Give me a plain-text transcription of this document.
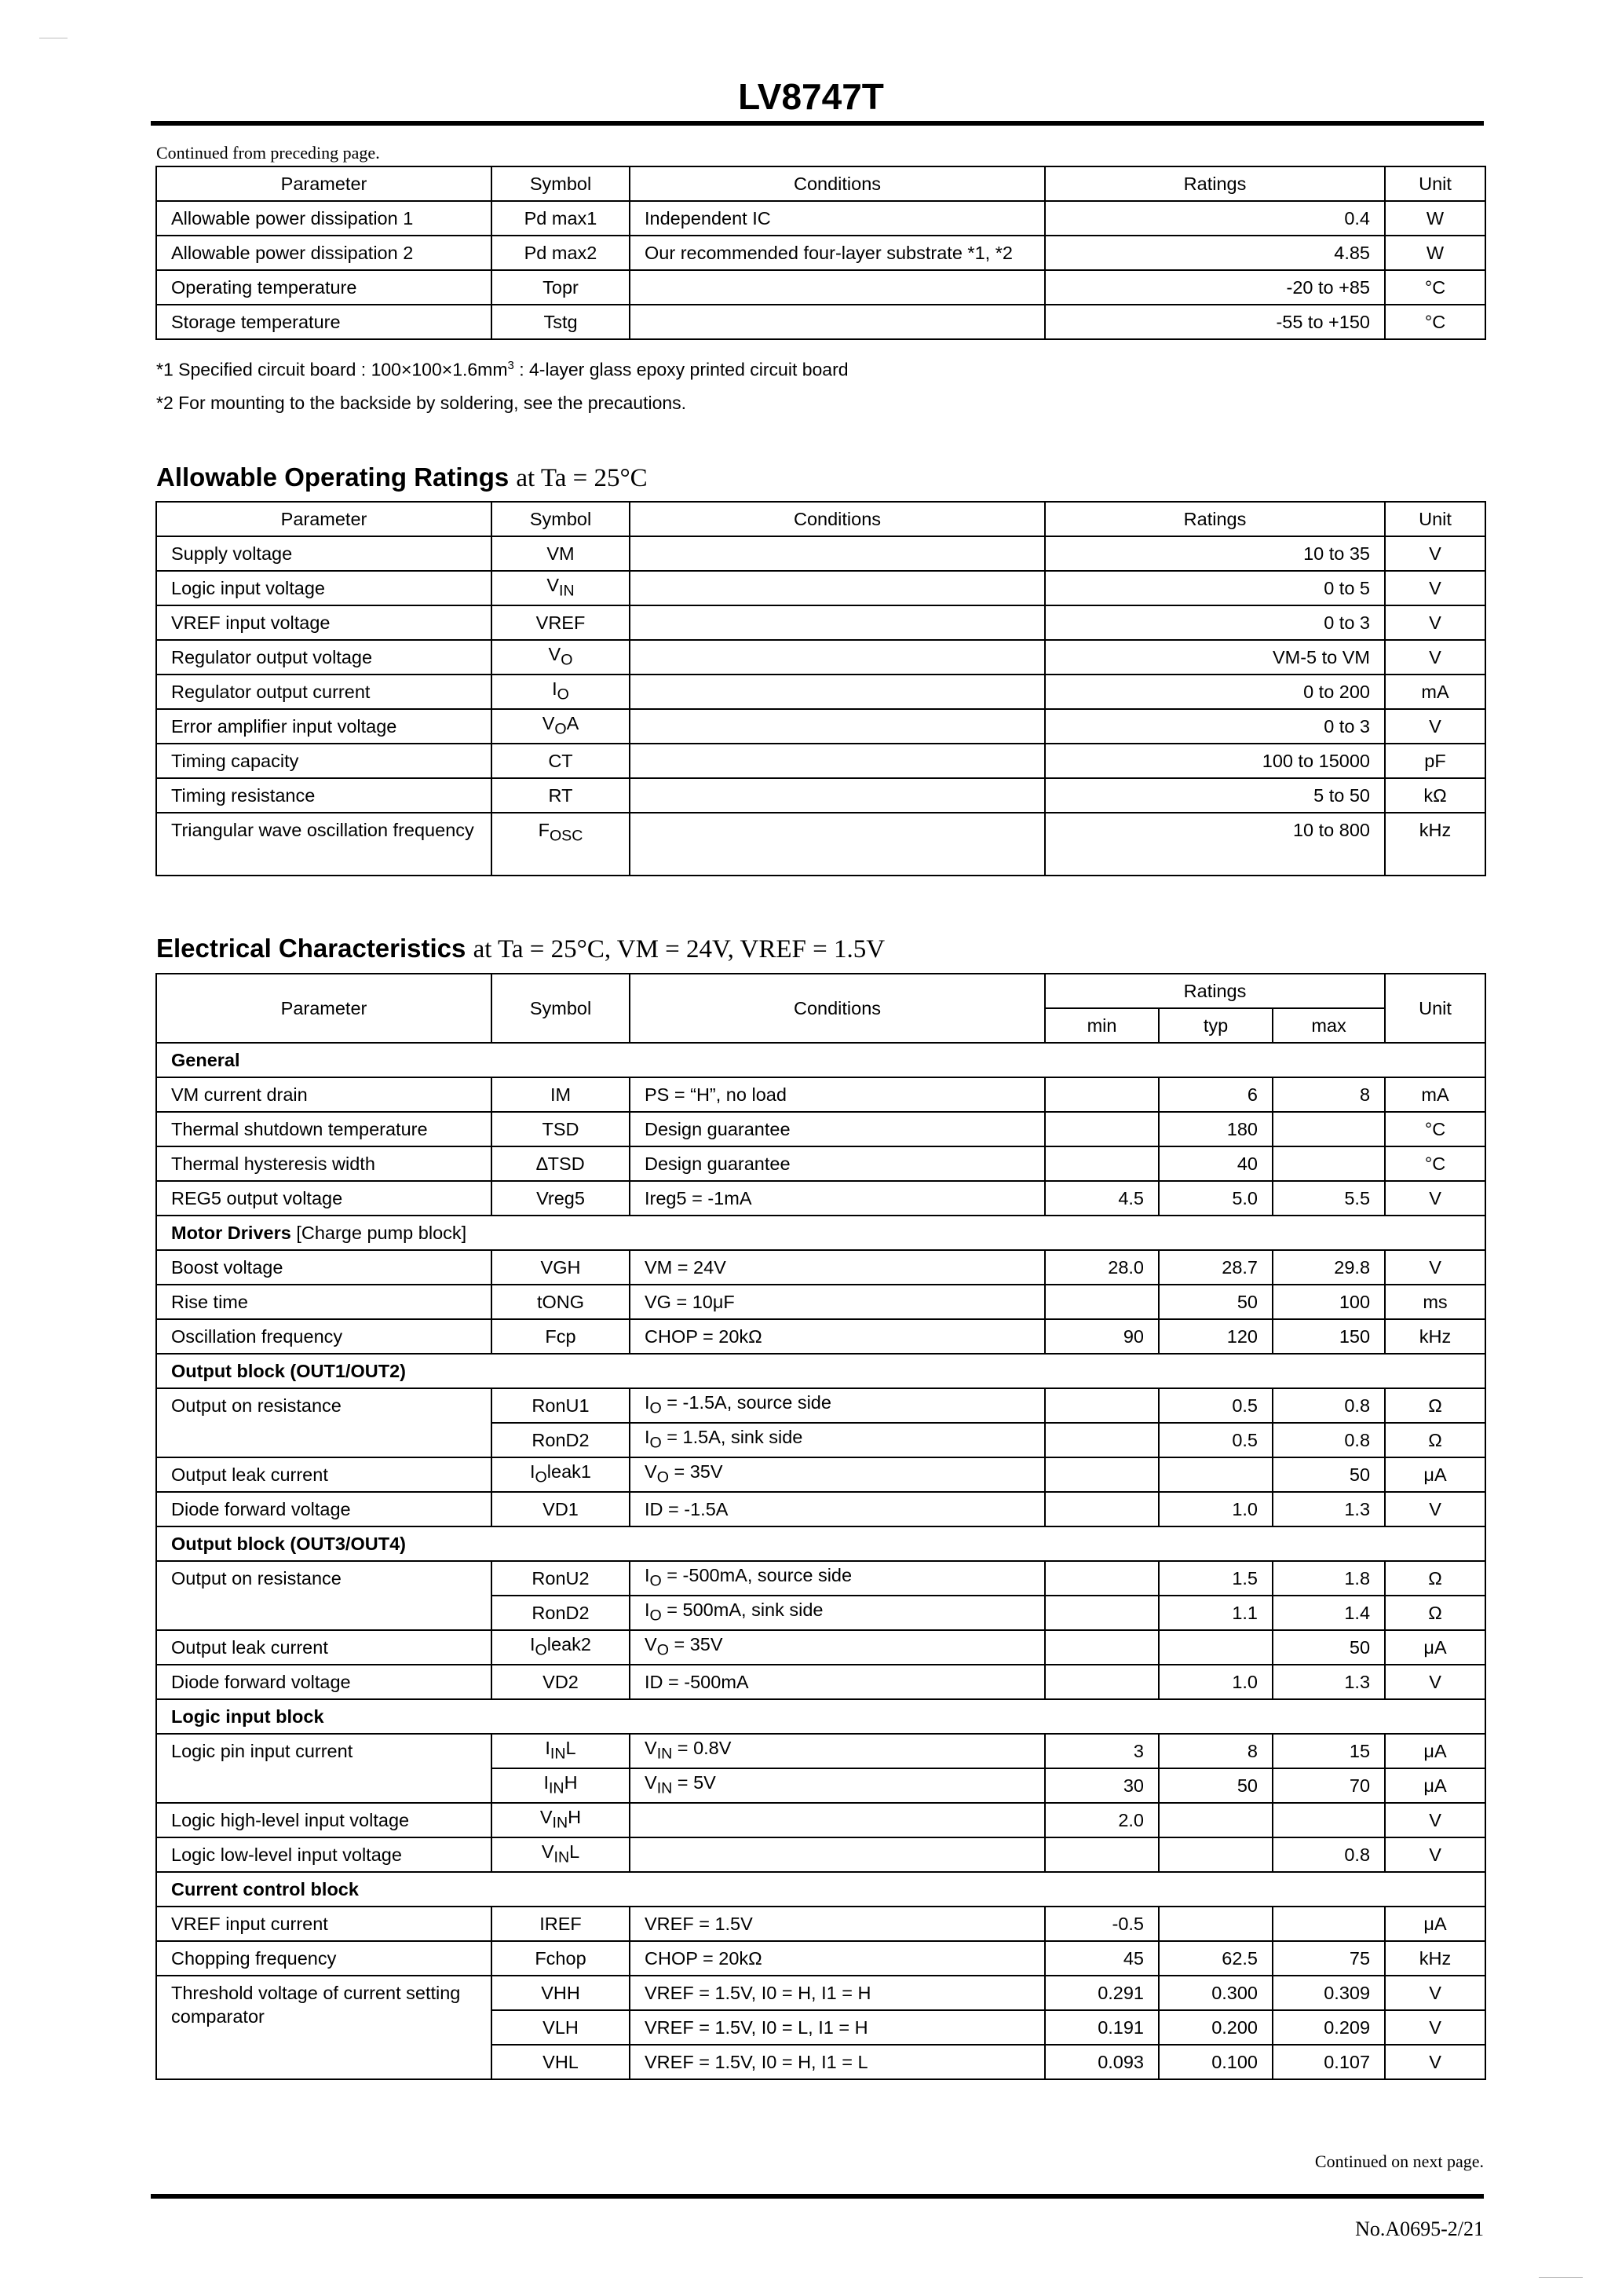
LV8747T
Continued from preceding page.
Parameter	Symbol	Conditions	Ratings	Unit
Allowable power dissipation 1	Pd max1	Independent IC	0.4	W
Allowable power dissipation 2	Pd max2	Our recommended four-layer substrate *1, *2	4.85	W
Operating temperature	Topr		-20 to +85	°C
Storage temperature	Tstg		-55 to +150	°C
*1 Specified circuit board : $100\times 100\times 1.6mm^3$ : 4-layer glass epoxy printed circuit board
*2 For mounting to the backside by soldering, see the precautions.
Allowable Operating Ratings at Ta = 25°C
Parameter	Symbol	Conditions	Ratings	Unit
Supply voltage	VM		10 to 35	V
Logic input voltage	$V_{IN}$		0 to 5	V
VREF input voltage	VREF		0 to 3	V
Regulator output voltage	$V_O$		VM-5 to VM	V
Regulator output current	$I_O$		0 to 200	mA
Error amplifier input voltage	$V_OA$		0 to 3	V
Timing capacity	CT		100 to 15000	pF
Timing resistance	RT		5 to 50	kΩ
Triangular wave oscillation frequency	$F_{OSC}$		10 to 800	kHz
Electrical Characteristics at Ta = 25°C, VM = 24V, VREF = 1.5V
Parameter	Symbol	Conditions	Ratings			Unit
			min	typ	max	
General						
VM current drain	IM	PS = “H”, no load		6	8	mA
Thermal shutdown temperature	TSD	Design guarantee		180		°C
Thermal hysteresis width	∆TSD	Design guarantee		40		°C
REG5 output voltage	Vreg5	Ireg5 = -1mA	4.5	5.0	5.5	V
Motor Drivers [Charge pump block]						
Boost voltage	VGH	VM = 24V	28.0	28.7	29.8	V
Rise time	tONG	VG = 10μF		50	100	ms
Oscillation frequency	Fcp	CHOP = 20kΩ	90	120	150	kHz
Output block (OUT1/OUT2)						
Output on resistance	RonU1	$I_O = -1.5A$, source side		0.5	0.8	Ω
	RonD2	$I_O = 1.5A$, sink side		0.5	0.8	Ω
Output leak current	$I_Oleak1$	$V_O = 35V$			50	μA
Diode forward voltage	VD1	ID = -1.5A		1.0	1.3	V
Output block (OUT3/OUT4)						
Output on resistance	RonU2	$I_O = -500mA$, source side		1.5	1.8	Ω
	RonD2	$I_O = 500mA$, sink side		1.1	1.4	Ω
Output leak current	$I_Oleak2$	$V_O = 35V$			50	μA
Diode forward voltage	VD2	ID = -500mA		1.0	1.3	V
Logic input block						
Logic pin input current	$I_{IN}L$	$V_{IN} = 0.8V$	3	8	15	μA
	$I_{IN}H$	$V_{IN} = 5V$	30	50	70	μA
Logic high-level input voltage	$V_{IN}H$		2.0			V
Logic low-level input voltage	$V_{IN}L$				0.8	V
Current control block						
VREF input current	IREF	VREF = 1.5V	-0.5			μA
Chopping frequency	Fchop	CHOP = 20kΩ	45	62.5	75	kHz
Threshold voltage of current setting comparator	VHH	VREF = 1.5V, I0 = H, I1 = H	0.291	0.300	0.309	V
	VLH	VREF = 1.5V, I0 = L, I1 = H	0.191	0.200	0.209	V
	VHL	VREF = 1.5V, I0 = H, I1 = L	0.093	0.100	0.107	V
Continued on next page.
No.A0695-2/21
